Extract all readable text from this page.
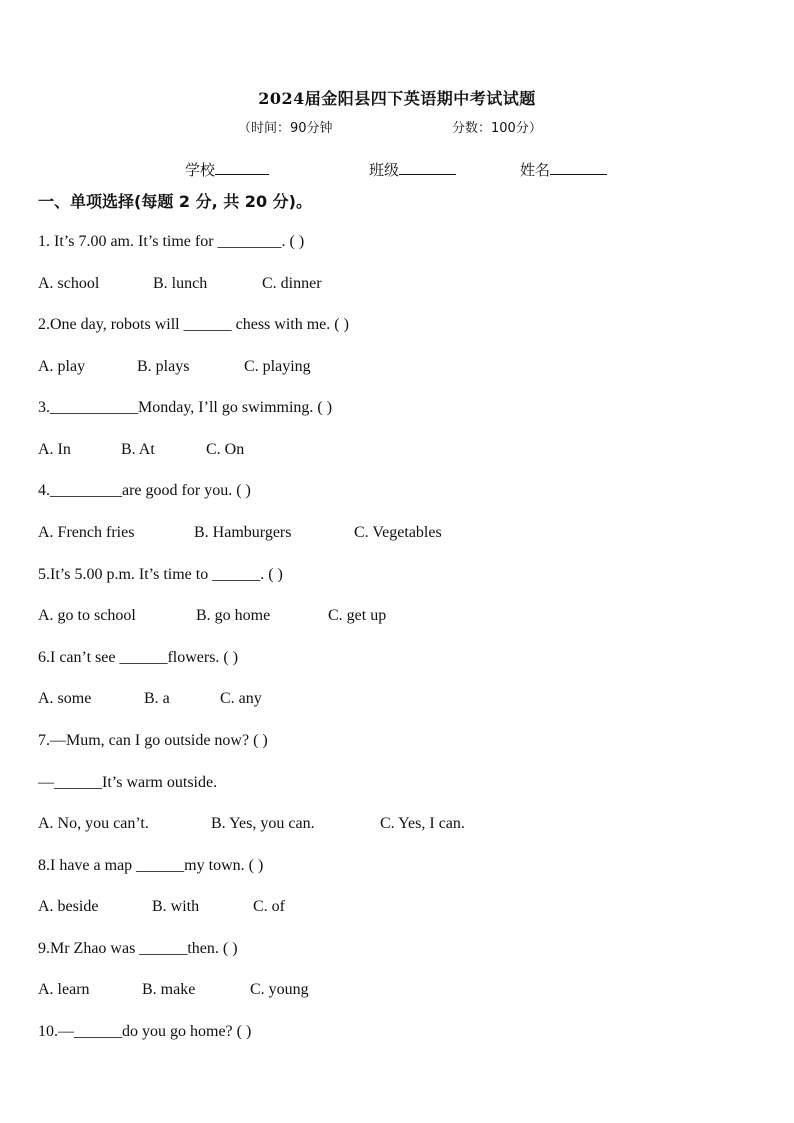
2024届金阳县四下英语期中考试试题
（时间：90分钟	分数：100分）
学校	班级	姓名
一、单项选择(每题 2 分, 共 20 分)。
1. It’s 7.00 am. It’s time for ________. ( )
A. school	B. lunch	C. dinner
2.One day, robots will ______ chess with me. ( )
A. play	B. plays	C. playing
3.___________Monday, I’ll go swimming. ( )
A. In	B. At	C. On
4._________are good for you. ( )
A. French fries	B. Hamburgers	C. Vegetables
5.It’s 5.00 p.m. It’s time to ______. ( )
A. go to school	B. go home	C. get up
6.I can’t see ______flowers. ( )
A. some	B. a	C. any
7.—Mum, can I go outside now? ( )
—______It’s warm outside.
A. No, you can’t.	B. Yes, you can.	C. Yes, I can.
8.I have a map ______my town. ( )
A. beside	B. with	C. of
9.Mr Zhao was ______then. ( )
A. learn	B. make	C. young
10.—______do you go home? ( )
